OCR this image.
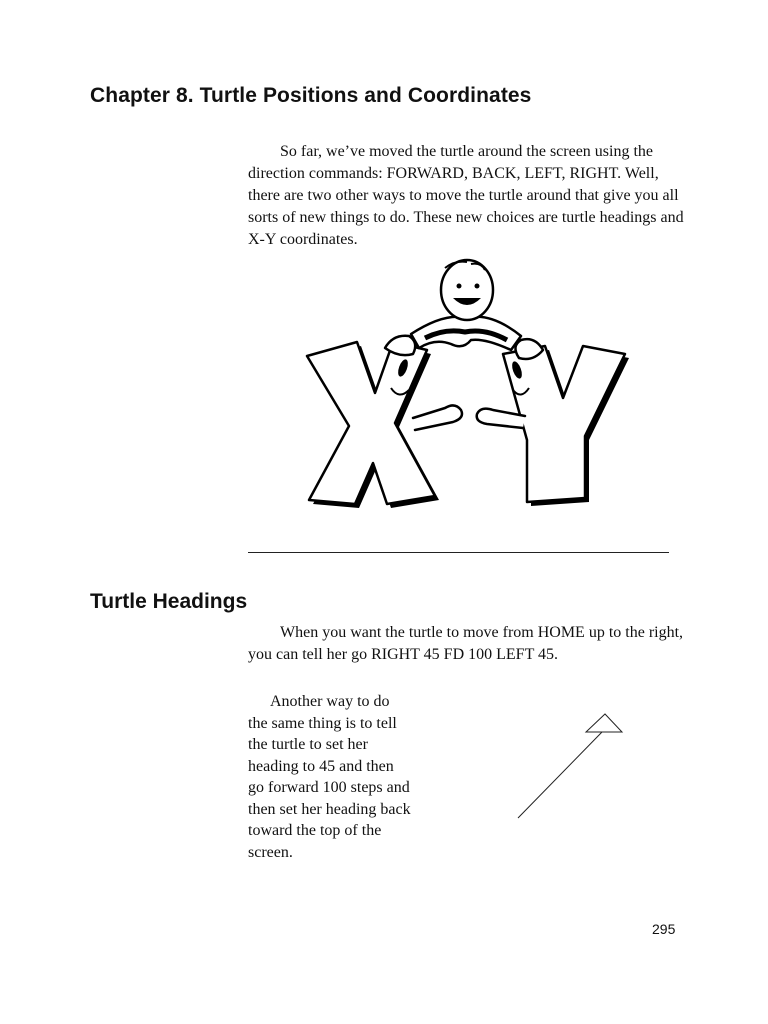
Chapter 8. Turtle Positions and Coordinates

So far, we’ve moved the turtle around the screen using the direction commands: FORWARD, BACK, LEFT, RIGHT. Well, there are two other ways to move the turtle around that give you all sorts of new things to do. These new choices are turtle headings and X-Y coordinates.

Turtle Headings

When you want the turtle to move from HOME up to the right, you can tell her go RIGHT 45 FD 100 LEFT 45.

Another way to do the same thing is to tell the turtle to set her heading to 45 and then go forward 100 steps and then set her heading back toward the top of the screen.

295
